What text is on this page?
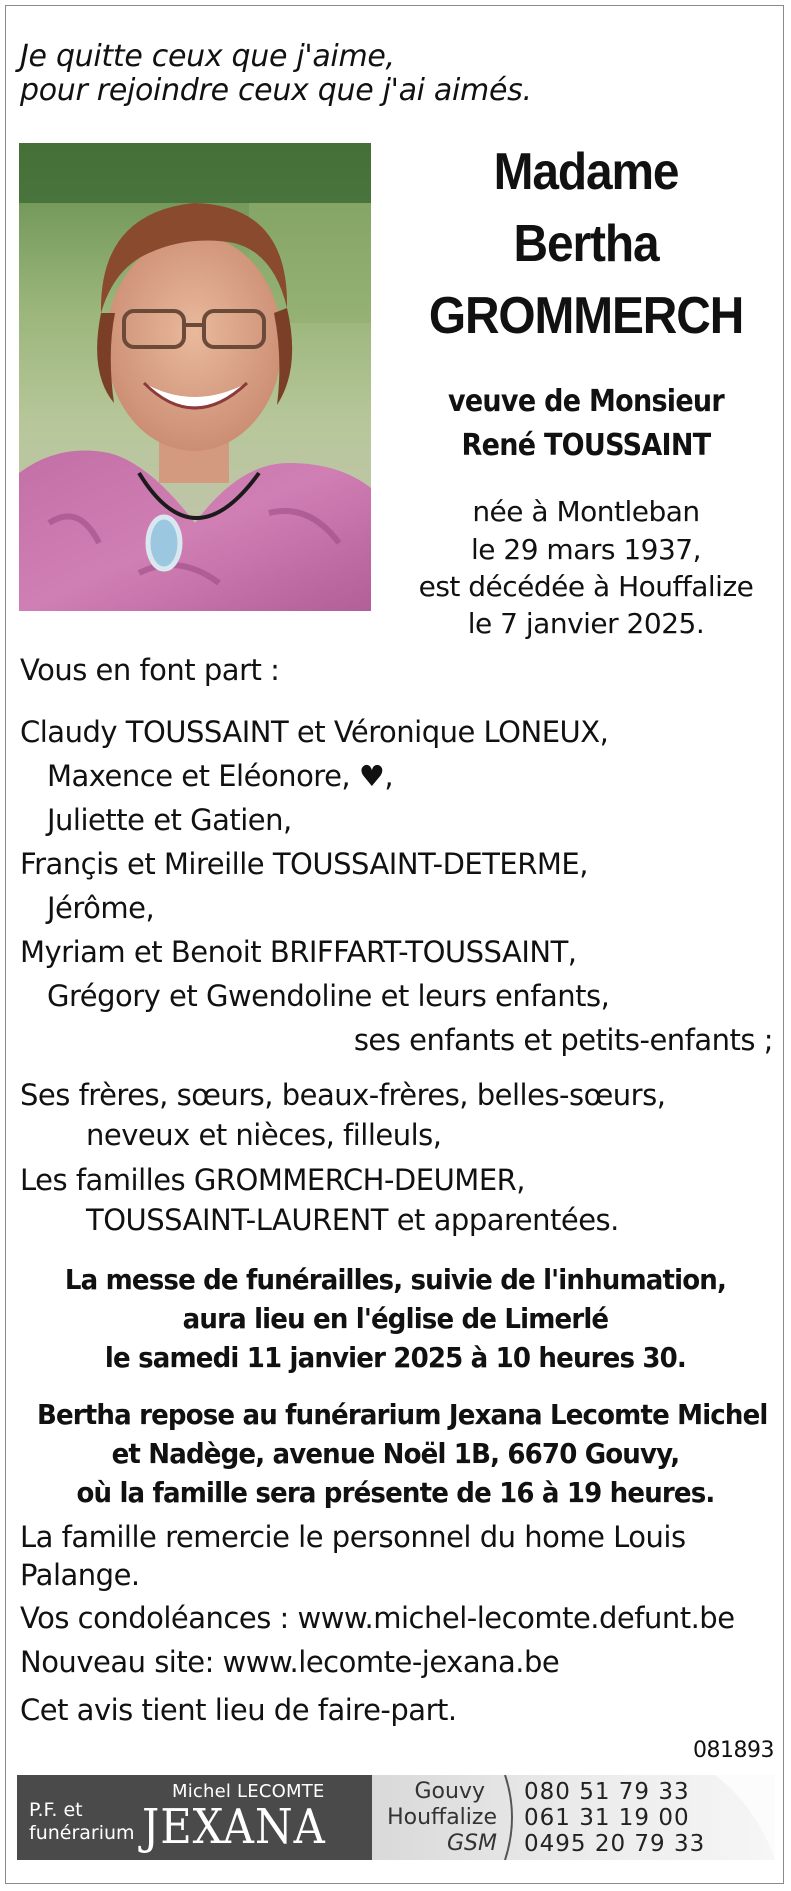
Je quitte ceux que j'aime,
pour rejoindre ceux que j'ai aimés.
Madame
Bertha
GROMMERCH
veuve de Monsieur
René TOUSSAINT
née à Montleban
le 29 mars 1937,
est décédée à Houffalize
le 7 janvier 2025.
Vous en font part :
Claudy TOUSSAINT et Véronique LONEUX,
Maxence et Eléonore, ♥,
Juliette et Gatien,
Françis et Mireille TOUSSAINT-DETERME,
Jérôme,
Myriam et Benoit BRIFFART-TOUSSAINT,
Grégory et Gwendoline et leurs enfants,
ses enfants et petits-enfants ;
Ses frères, sœurs, beaux-frères, belles-sœurs,
neveux et nièces, filleuls,
Les familles GROMMERCH-DEUMER,
TOUSSAINT-LAURENT et apparentées.
La messe de funérailles, suivie de l'inhumation,
aura lieu en l'église de Limerlé
le samedi 11 janvier 2025 à 10 heures 30.
Bertha repose au funérarium Jexana Lecomte Michel
et Nadège, avenue Noël 1B, 6670 Gouvy,
où la famille sera présente de 16 à 19 heures.
La famille remercie le personnel du home Louis
Palange.
Vos condoléances : www.michel-lecomte.defunt.be
Nouveau site: www.lecomte-jexana.be
Cet avis tient lieu de faire-part.
081893
P.F. et
funérarium
Michel LECOMTE
JEXANA
Gouvy
Houffalize
GSM
080 51 79 33
061 31 19 00
0495 20 79 33
